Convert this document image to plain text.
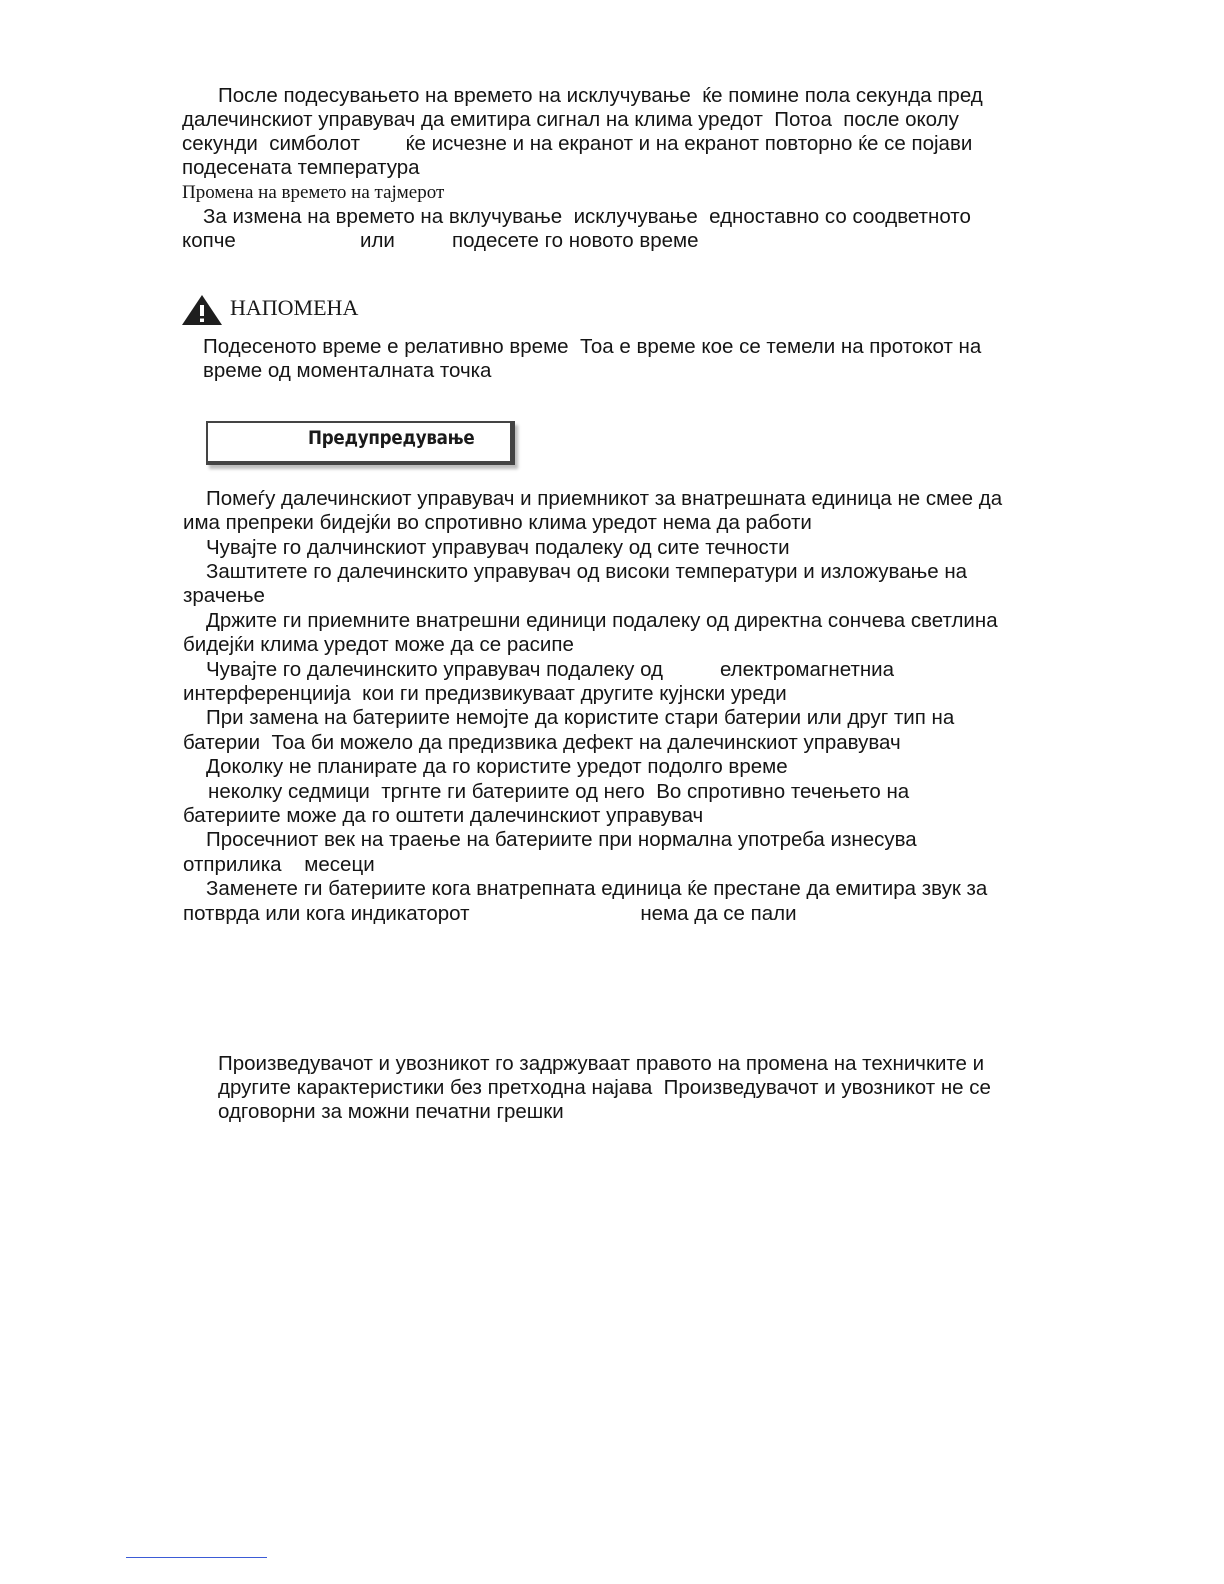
После подесувањето на времето на исклучување  ќе помине пола секунда пред
далечинскиот управувач да емитира сигнал на клима уредот  Потоа  после околу
секунди  симболот        ќе исчезне и на екранот и на екранот повторно ќе се појави
подесената температура
Промена на времето на тајмерот
За измена на времето на вклучување  исклучување  едноставно со соодветното
копче	или	подесете го новото време
НАПОМЕНА
Подесеното време е релативно време  Тоа е време кое се темели на протокот на
време од моменталната точка
Предупредување
Помеѓу далечинскиот управувач и приемникот за внатрешната единица не смее да
има препреки бидејќи во спротивно клима уредот нема да работи
Чувајте го далчинскиот управувач подалеку од сите течности
Заштитете го далечинскито управувач од високи температури и изложување на
зрачење
Држите ги приемните внатрешни единици подалеку од директна сончева светлина
бидејќи клима уредот може да се расипе
Чувајте го далечинскито управувач подалеку од          електромагнетниа
интерференциија  кои ги предизвикуваат другите кујнски уреди
При замена на батериите немојте да користите стари батерии или друг тип на
батерии  Тоа би можело да предизвика дефект на далечинскиот управувач
Доколку не планирате да го користите уредот подолго време
неколку седмици  тргнте ги батериите од него  Во спротивно течењето на
батериите може да го оштети далечинскиот управувач
Просечниот век на траење на батериите при нормална употреба изнесува
отприлика    месеци
Заменете ги батериите кога внатрепната единица ќе престане да емитира звук за
потврда или кога индикаторот                              нема да се пали
Произведувачот и увозникот го задржуваат правото на промена на техничките и
другите карактеристики без претходна најава  Произведувачот и увозникот не се
одговорни за можни печатни грешки
